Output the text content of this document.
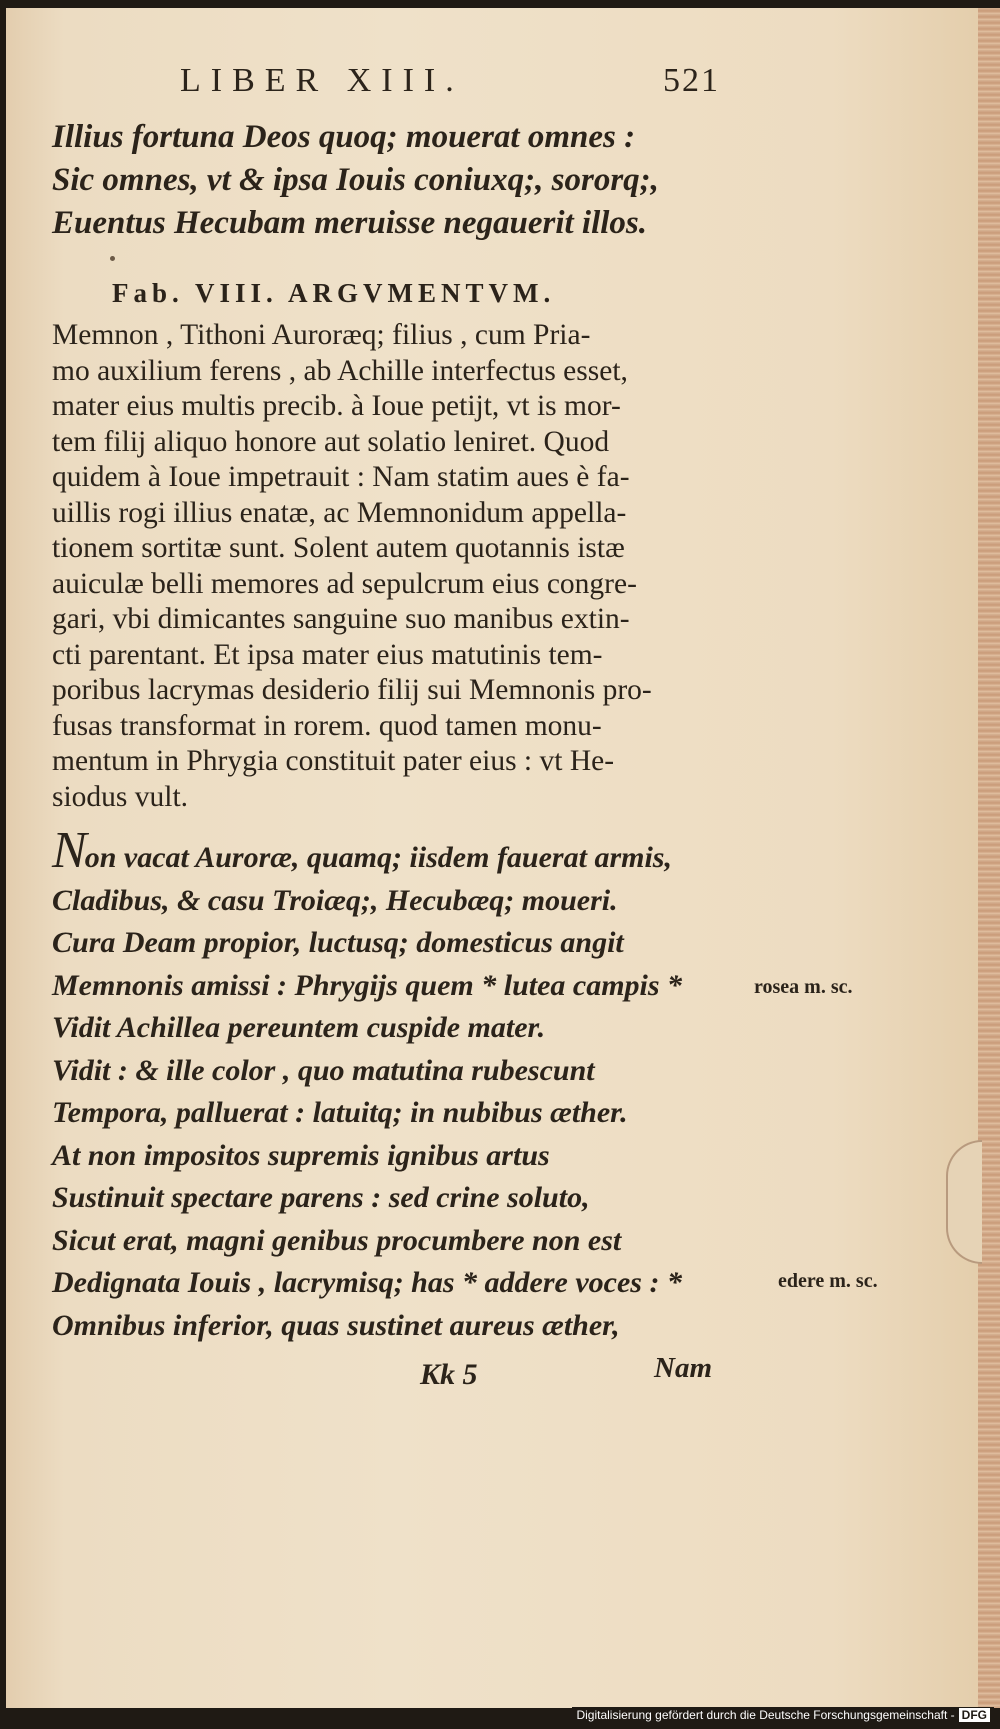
LIBER XIII.	521
Illius fortuna Deos quoq; mouerat omnes :
Sic omnes, vt & ipsa Iouis coniuxq;, sororq;,
Euentus Hecubam meruisse negauerit illos.
Fab. VIII. ARGVMENTVM.
Memnon , Tithoni Auroræq; filius , cum Pria-
mo auxilium ferens , ab Achille interfectus esset,
mater eius multis precib. à Ioue petijt, vt is mor-
tem filij aliquo honore aut solatio leniret. Quod
quidem à Ioue impetrauit : Nam statim aues è fa-
uillis rogi illius enatæ, ac Memnonidum appella-
tionem sortitæ sunt. Solent autem quotannis istæ
auiculæ belli memores ad sepulcrum eius congre-
gari, vbi dimicantes sanguine suo manibus extin-
cti parentant. Et ipsa mater eius matutinis tem-
poribus lacrymas desiderio filij sui Memnonis pro-
fusas transformat in rorem. quod tamen monu-
mentum in Phrygia constituit pater eius : vt He-
siodus vult.
Non vacat Auroræ, quamq; iisdem fauerat armis,
Cladibus, & casu Troiæq;, Hecubæq; moueri.
Cura Deam propior, luctusq; domesticus angit
Memnonis amissi : Phrygijs quem * lutea campis *
Vidit Achillea pereuntem cuspide mater.
Vidit : & ille color , quo matutina rubescunt
Tempora, palluerat : latuitq; in nubibus æther.
At non impositos supremis ignibus artus
Sustinuit spectare parens : sed crine soluto,
Sicut erat, magni genibus procumbere non est
Dedignata Iouis , lacrymisq; has * addere voces : *
Omnibus inferior, quas sustinet aureus æther,
rosea m. sc.
edere m. sc.
Kk 5	Nam
Digitalisierung gefördert durch die Deutsche Forschungsgemeinschaft - DFG
